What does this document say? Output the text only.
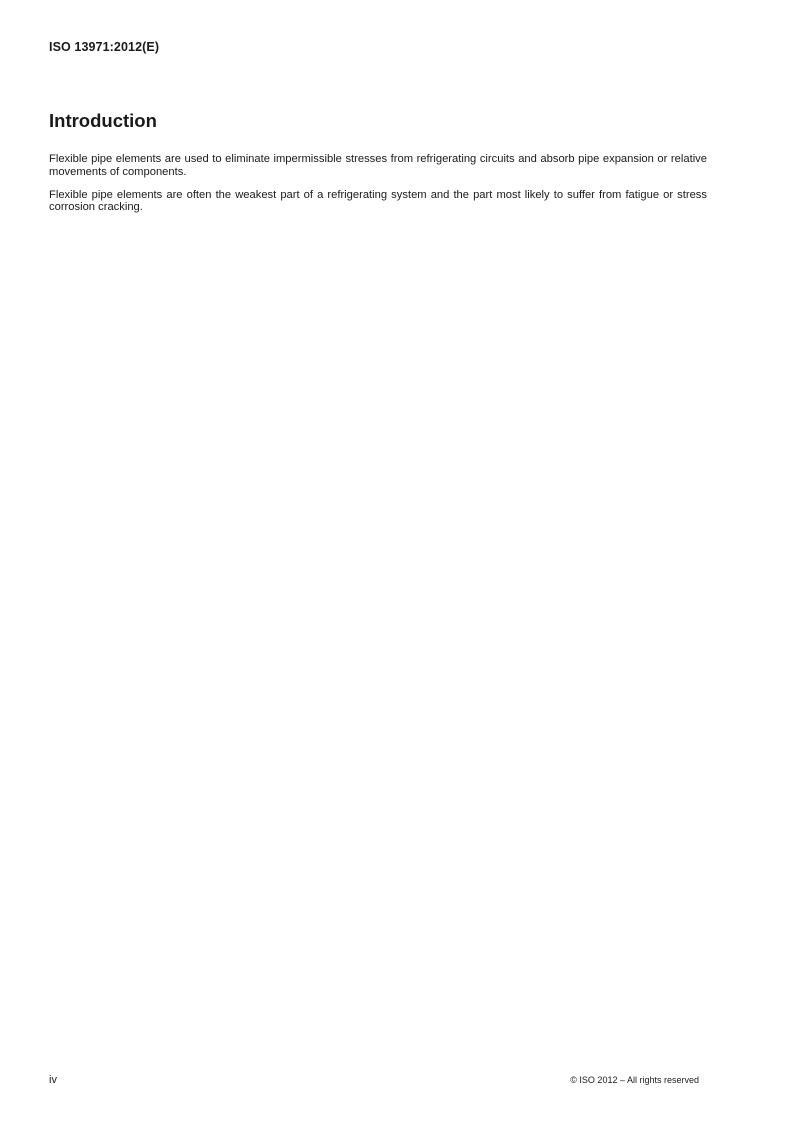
ISO 13971:2012(E)
Introduction

Flexible pipe elements are used to eliminate impermissible stresses from refrigerating circuits and absorb pipe expansion or relative movements of components.

Flexible pipe elements are often the weakest part of a refrigerating system and the part most likely to suffer from fatigue or stress corrosion cracking.

iv	© ISO 2012 – All rights reserved
